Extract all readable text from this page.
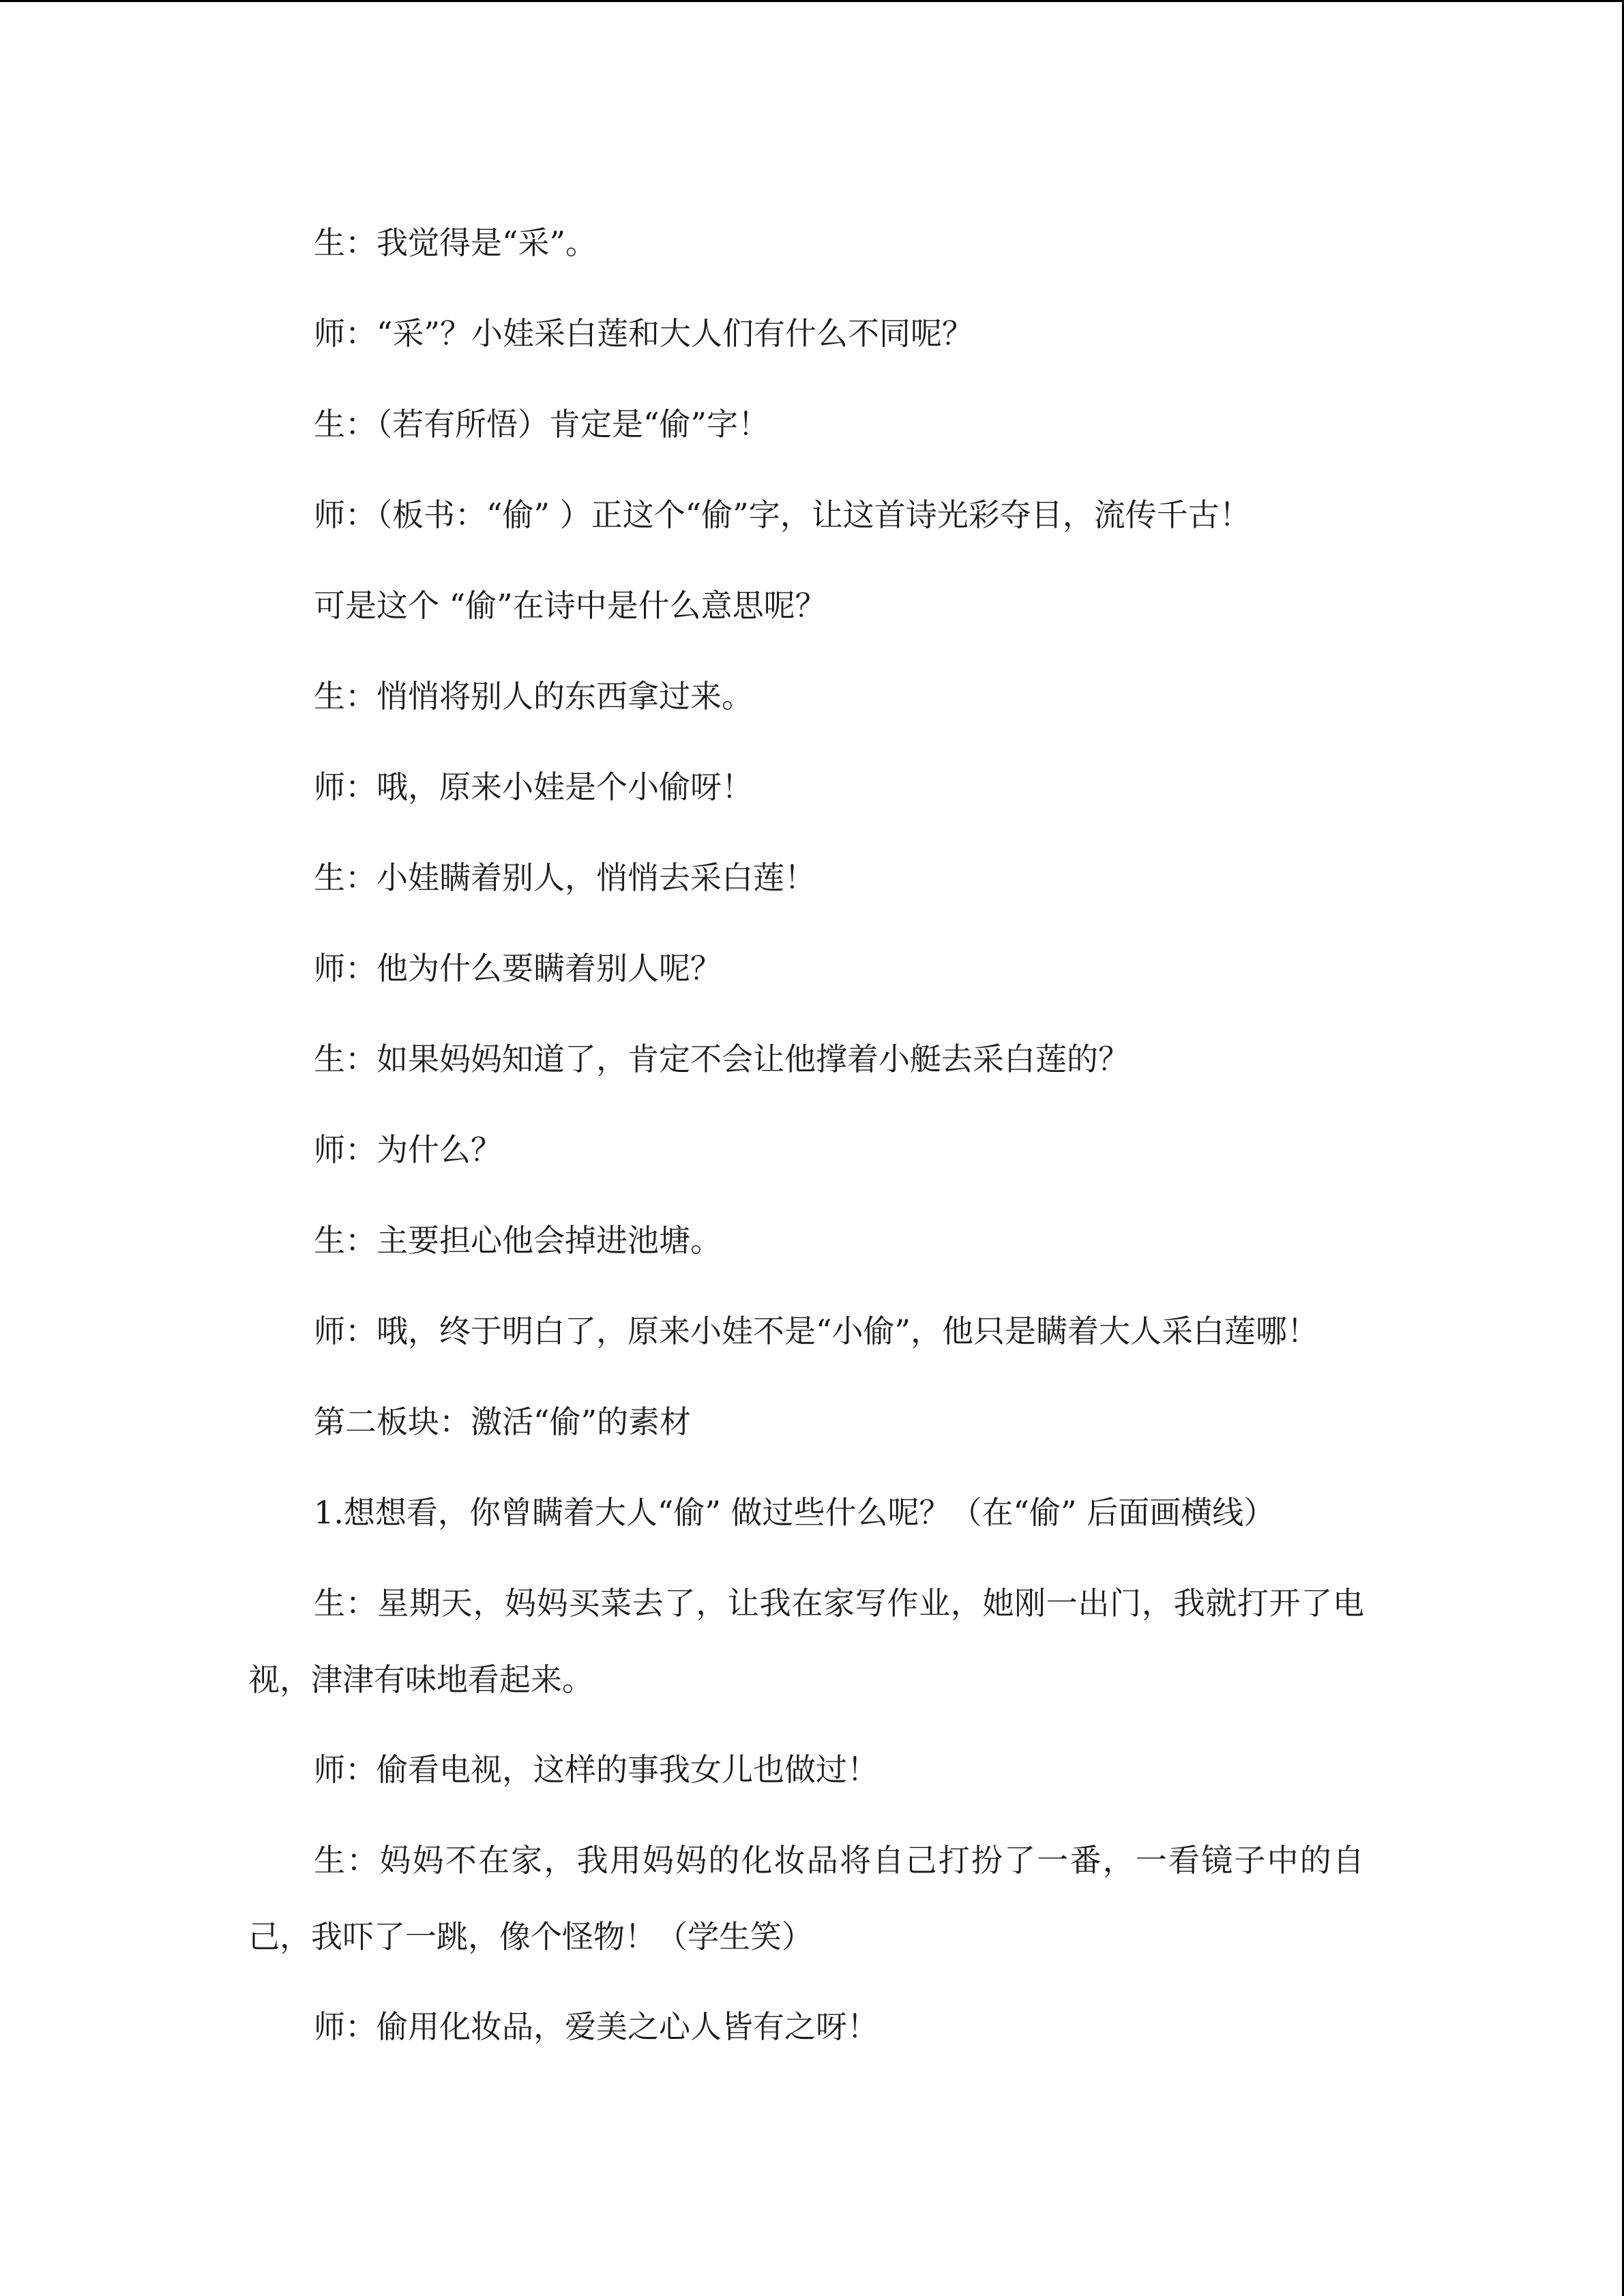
生：我觉得是“采”。

师：“采”？小娃采白莲和大人们有什么不同呢？

生：（若有所悟）肯定是“偷”字！

师：（板书：“偷” ）正这个“偷”字，让这首诗光彩夺目，流传千古！

可是这个 “偷”在诗中是什么意思呢？

生：悄悄将别人的东西拿过来。

师：哦，原来小娃是个小偷呀！

生：小娃瞒着别人，悄悄去采白莲！

师：他为什么要瞒着别人呢？

生：如果妈妈知道了，肯定不会让他撑着小艇去采白莲的？

师：为什么？

生：主要担心他会掉进池塘。

师：哦，终于明白了，原来小娃不是“小偷”，他只是瞒着大人采白莲哪！

第二板块：激活“偷”的素材

1.想想看，你曾瞒着大人“偷” 做过些什么呢？（在“偷” 后面画横线）

生：星期天，妈妈买菜去了，让我在家写作业，她刚一出门，我就打开了电视，津津有味地看起来。

师：偷看电视，这样的事我女儿也做过！

生：妈妈不在家，我用妈妈的化妆品将自己打扮了一番，一看镜子中的自己，我吓了一跳，像个怪物！（学生笑）

师：偷用化妆品，爱美之心人皆有之呀！
